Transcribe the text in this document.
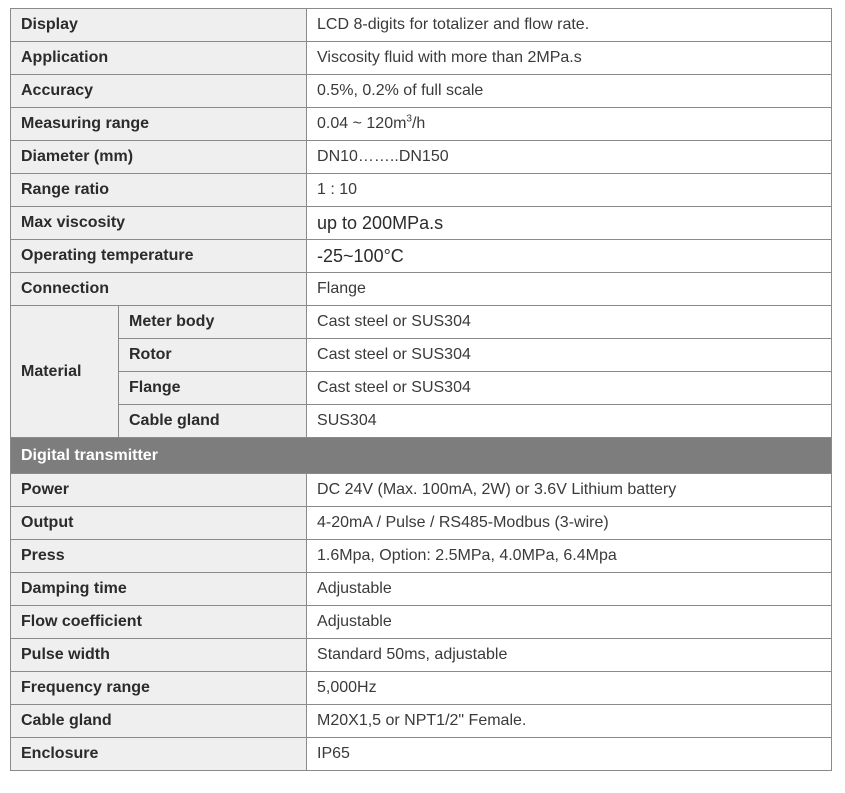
Display		LCD 8-digits for totalizer and flow rate.
Application		Viscosity fluid with more than 2MPa.s
Accuracy		0.5%, 0.2% of full scale
Measuring range		0.04 ~ $120m^3/h$
Diameter (mm)		DN10……..DN150
Range ratio		1 : 10
Max viscosity		up to 200MPa.s
Operating temperature		-25~100°C
Connection		Flange
Material	Meter body	Cast steel or SUS304
	Rotor	Cast steel or SUS304
	Flange	Cast steel or SUS304
	Cable gland	SUS304
Digital transmitter		
Power		DC 24V (Max. 100mA, 2W) or 3.6V Lithium battery
Output		4-20mA / Pulse / RS485-Modbus (3-wire)
Press		1.6Mpa, Option: 2.5MPa, 4.0MPa, 6.4Mpa
Damping time		Adjustable
Flow coefficient		Adjustable
Pulse width		Standard 50ms, adjustable
Frequency range		5,000Hz
Cable gland		M20X1,5 or NPT1/2" Female.
Enclosure		IP65
